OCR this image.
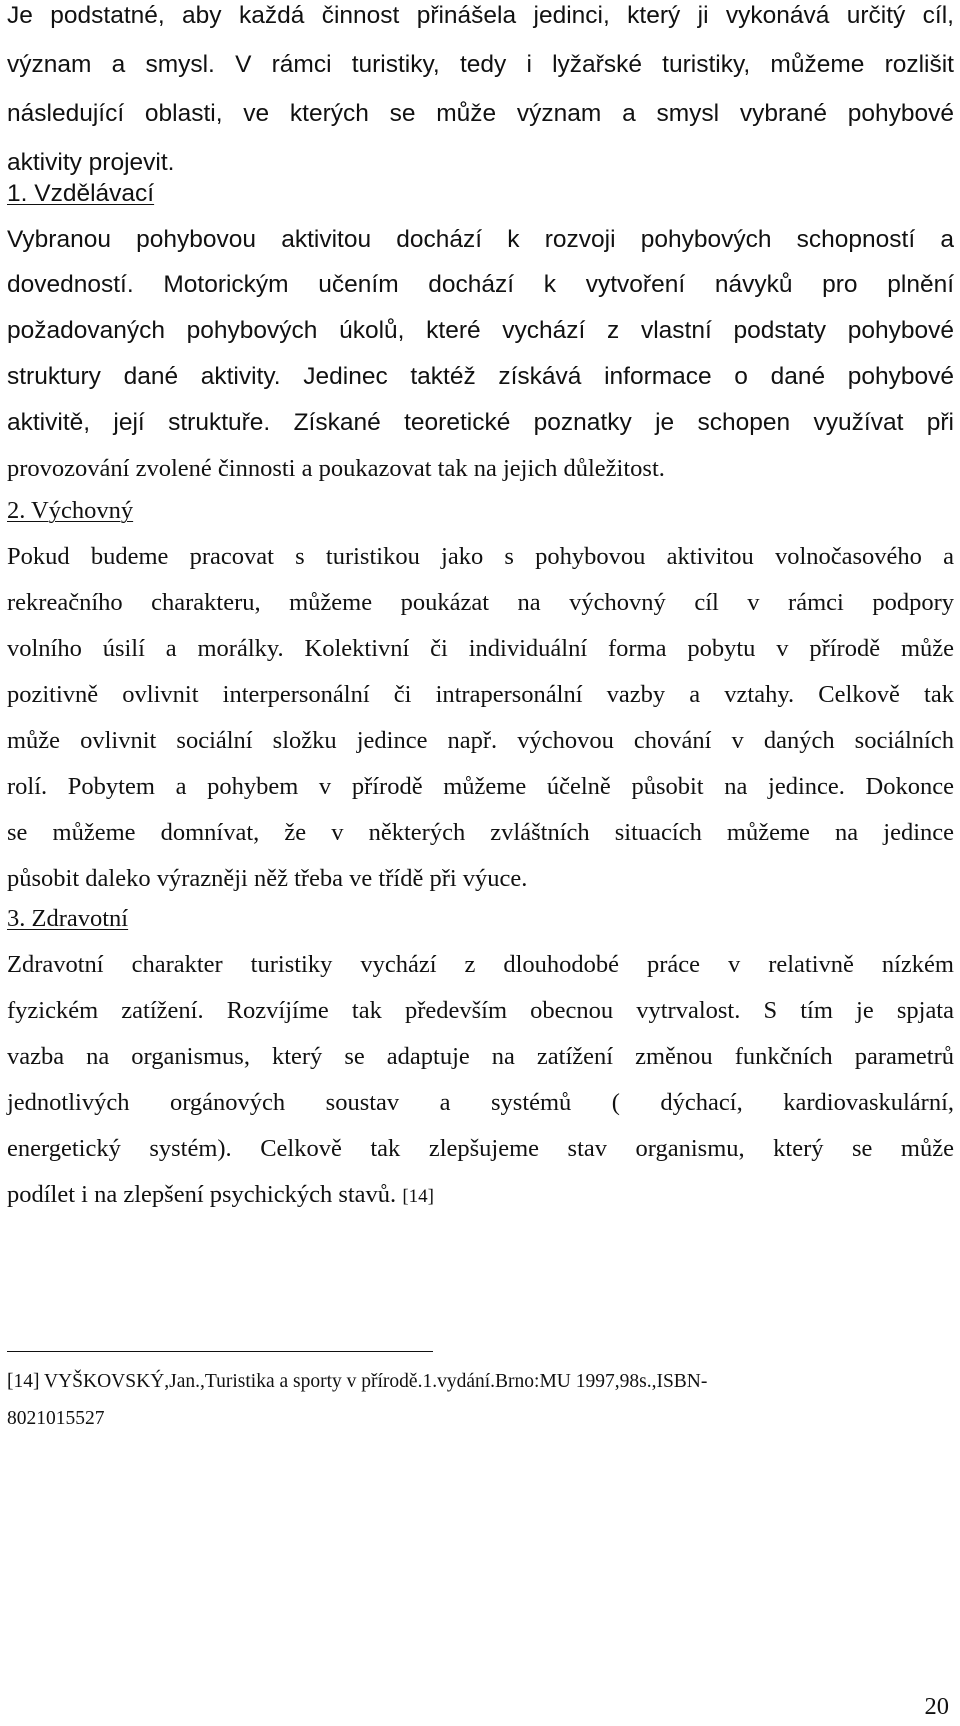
Je podstatné, aby každá činnost přinášela jedinci, který ji vykonává určitý cíl,
význam a smysl. V rámci turistiky, tedy i lyžařské turistiky, můžeme rozlišit
následující oblasti, ve kterých se může význam a smysl vybrané pohybové
aktivity projevit.
1. Vzdělávací
Vybranou pohybovou aktivitou dochází k rozvoji pohybových schopností a
dovedností. Motorickým učením dochází k vytvoření návyků pro plnění
požadovaných pohybových úkolů, které vychází z vlastní podstaty pohybové
struktury dané aktivity. Jedinec taktéž získává informace o dané pohybové
aktivitě, její struktuře. Získané teoretické poznatky je schopen využívat při
provozování zvolené činnosti a poukazovat tak na jejich důležitost.
2. Výchovný
Pokud budeme pracovat s turistikou jako s pohybovou aktivitou volnočasového a
rekreačního charakteru, můžeme poukázat na výchovný cíl v rámci podpory
volního úsilí a morálky. Kolektivní či individuální forma pobytu v přírodě může
pozitivně ovlivnit interpersonální či intrapersonální vazby a vztahy. Celkově tak
může ovlivnit sociální složku jedince např. výchovou chování v daných sociálních
rolí. Pobytem a pohybem v přírodě můžeme účelně působit na jedince. Dokonce
se můžeme domnívat, že v některých zvláštních situacích můžeme na jedince
působit daleko výrazněji něž třeba ve třídě při výuce.
3. Zdravotní
Zdravotní charakter turistiky vychází z dlouhodobé práce v relativně nízkém
fyzickém zatížení. Rozvíjíme tak především obecnou vytrvalost. S tím je spjata
vazba na organismus, který se adaptuje na zatížení změnou funkčních parametrů
jednotlivých orgánových soustav a systémů ( dýchací, kardiovaskulární,
energetický systém). Celkově tak zlepšujeme stav organismu, který se může
podílet i na zlepšení psychických stavů. [14]
[14] VYŠKOVSKÝ,Jan.,Turistika a sporty v přírodě.1.vydání.Brno:MU 1997,98s.,ISBN-
8021015527
20
